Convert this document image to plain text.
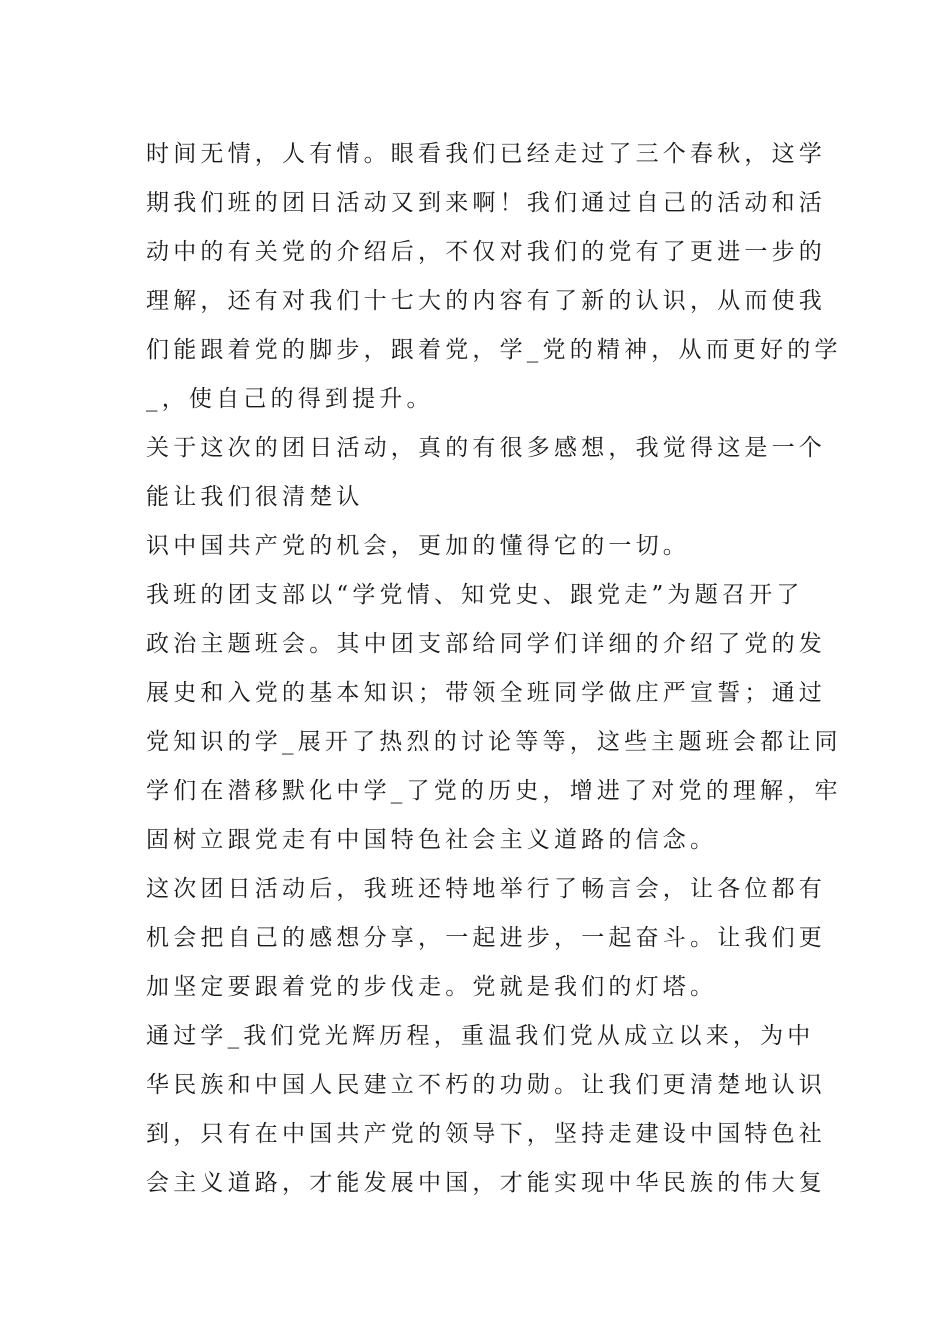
时间无情，人有情。眼看我们已经走过了三个春秋，这学
期我们班的团日活动又到来啊！我们通过自己的活动和活
动中的有关党的介绍后，不仅对我们的党有了更进一步的
理解，还有对我们十七大的内容有了新的认识，从而使我
们能跟着党的脚步，跟着党，学_党的精神，从而更好的学
_，使自己的得到提升。
关于这次的团日活动，真的有很多感想，我觉得这是一个
能让我们很清楚认
识中国共产党的机会，更加的懂得它的一切。
我班的团支部以“学党情、知党史、跟党走”为题召开了
政治主题班会。其中团支部给同学们详细的介绍了党的发
展史和入党的基本知识；带领全班同学做庄严宣誓；通过
党知识的学_展开了热烈的讨论等等，这些主题班会都让同
学们在潜移默化中学_了党的历史，增进了对党的理解，牢
固树立跟党走有中国特色社会主义道路的信念。
这次团日活动后，我班还特地举行了畅言会，让各位都有
机会把自己的感想分享，一起进步，一起奋斗。让我们更
加坚定要跟着党的步伐走。党就是我们的灯塔。
通过学_我们党光辉历程，重温我们党从成立以来，为中
华民族和中国人民建立不朽的功勋。让我们更清楚地认识
到，只有在中国共产党的领导下，坚持走建设中国特色社
会主义道路，才能发展中国，才能实现中华民族的伟大复
